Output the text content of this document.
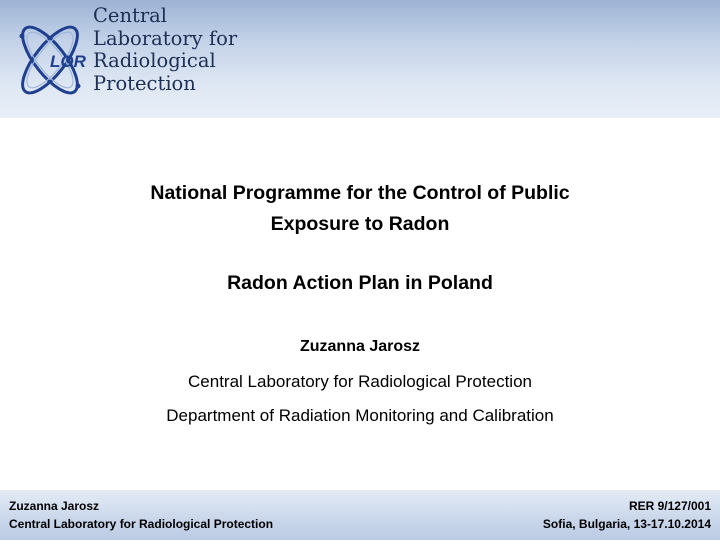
LOR
Central
Laboratory for
Radiological
Protection
National Programme for the Control of Public
Exposure to Radon
Radon Action Plan in Poland
Zuzanna Jarosz
Central Laboratory for Radiological Protection
Department of Radiation Monitoring and Calibration
Zuzanna Jarosz
Central Laboratory for Radiological Protection
RER 9/127/001
Sofia, Bulgaria, 13-17.10.2014
